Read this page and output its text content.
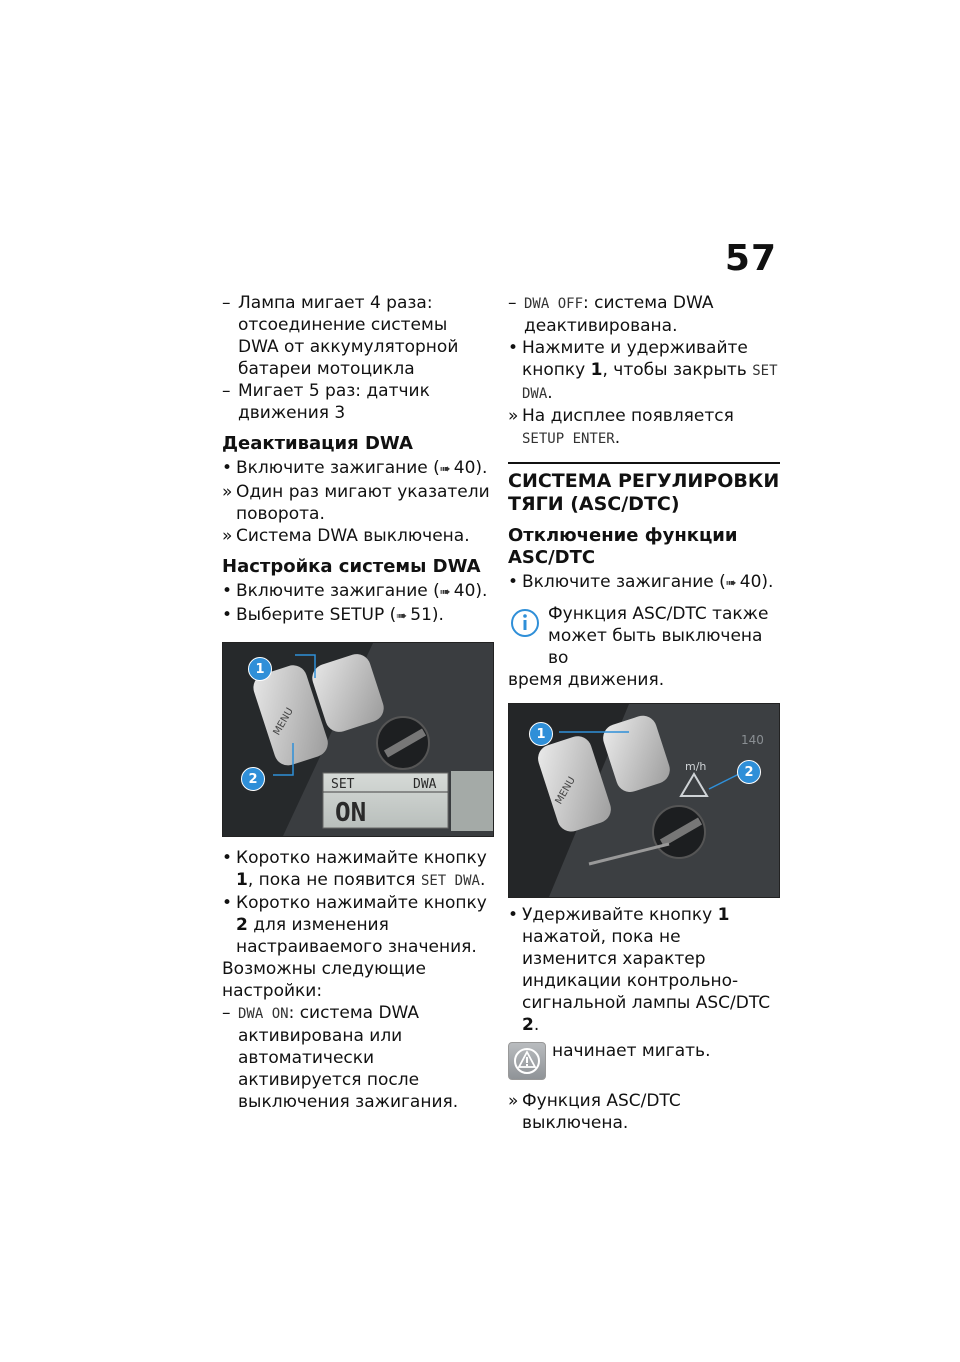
57

– Лампа мигает 4 раза: отсоединение системы DWA от аккумуляторной батареи мотоцикла

– Мигает 5 раз: датчик движения 3

Деактивация DWA

• Включите зажигание (➠ 40).

» Один раз мигают указатели поворота.

» Система DWA выключена.

Настройка системы DWA

• Включите зажигание (➠ 40).

• Выберите SETUP (➠ 51).

SET	DWA
ON
MENU
1
2

• Коротко нажимайте кнопку 1, пока не появится SET DWA.

• Коротко нажимайте кнопку 2 для изменения настраиваемого значения.

Возможны следующие настройки:

– DWA ON: система DWA активирована или автоматически активируется после выключения зажигания.

– DWA OFF: система DWA деактивирована.

• Нажмите и удерживайте кнопку 1, чтобы закрыть SET DWA.

» На дисплее появляется SETUP ENTER.

СИСТЕМА РЕГУЛИРОВКИ ТЯГИ (ASC/DTC)
Отключение функции ASC/DTC

• Включите зажигание (➠ 40).

Функция ASC/DTC также может быть выключена во

время движения.

140
m/h
MENU
1
2

• Удерживайте кнопку 1 нажатой, пока не изменится характер индикации контрольно-сигнальной лампы ASC/DTC 2.

начинает мигать.

» Функция ASC/DTC выключена.
